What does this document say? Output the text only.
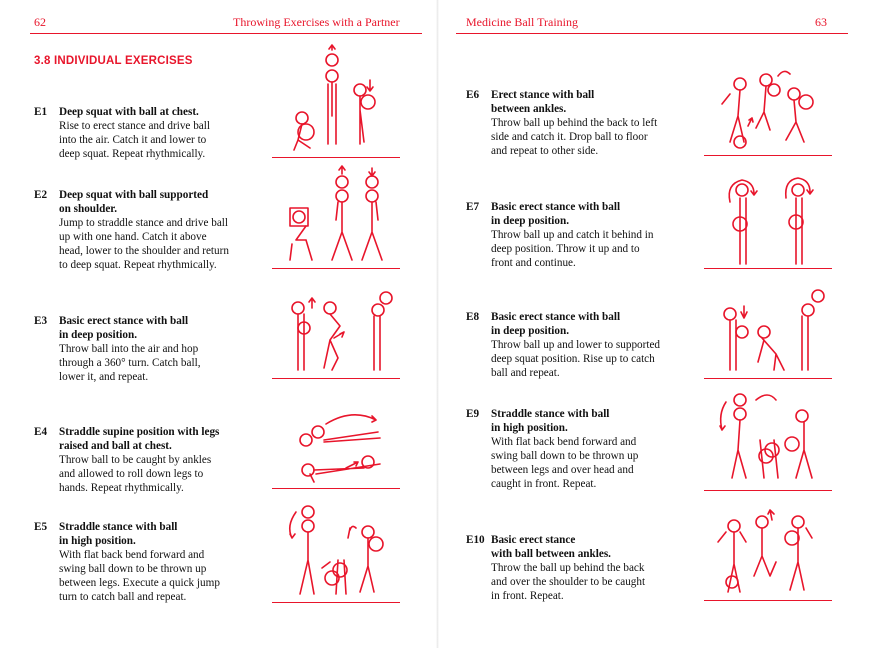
62	Throwing Exercises with a Partner
3.8 INDIVIDUAL EXERCISES
Medicine Ball Training	63
E1 Deep squat with ball at chest.
Rise to erect stance and drive ball
into the air. Catch it and lower to
deep squat. Repeat rhythmically.
E2 Deep squat with ball supported
on shoulder.
Jump to straddle stance and drive ball
up with one hand. Catch it above
head, lower to the shoulder and return
to deep squat. Repeat rhythmically.
E3 Basic erect stance with ball
in deep position.
Throw ball into the air and hop
through a 360° turn. Catch ball,
lower it, and repeat.
E4 Straddle supine position with legs
raised and ball at chest.
Throw ball to be caught by ankles
and allowed to roll down legs to
hands. Repeat rhythmically.
E5 Straddle stance with ball
in high position.
With flat back bend forward and
swing ball down to be thrown up
between legs. Execute a quick jump
turn to catch ball and repeat.
E6 Erect stance with ball
between ankles.
Throw ball up behind the back to left
side and catch it. Drop ball to floor
and repeat to other side.
E7 Basic erect stance with ball
in deep position.
Throw ball up and catch it behind in
deep position. Throw it up and to
front and continue.
E8 Basic erect stance with ball
in deep position.
Throw ball up and lower to supported
deep squat position. Rise up to catch
ball and repeat.
E9 Straddle stance with ball
in high position.
With flat back bend forward and
swing ball down to be thrown up
between legs and over head and
caught in front. Repeat.
E10 Basic erect stance
with ball between ankles.
Throw the ball up behind the back
and over the shoulder to be caught
in front. Repeat.
